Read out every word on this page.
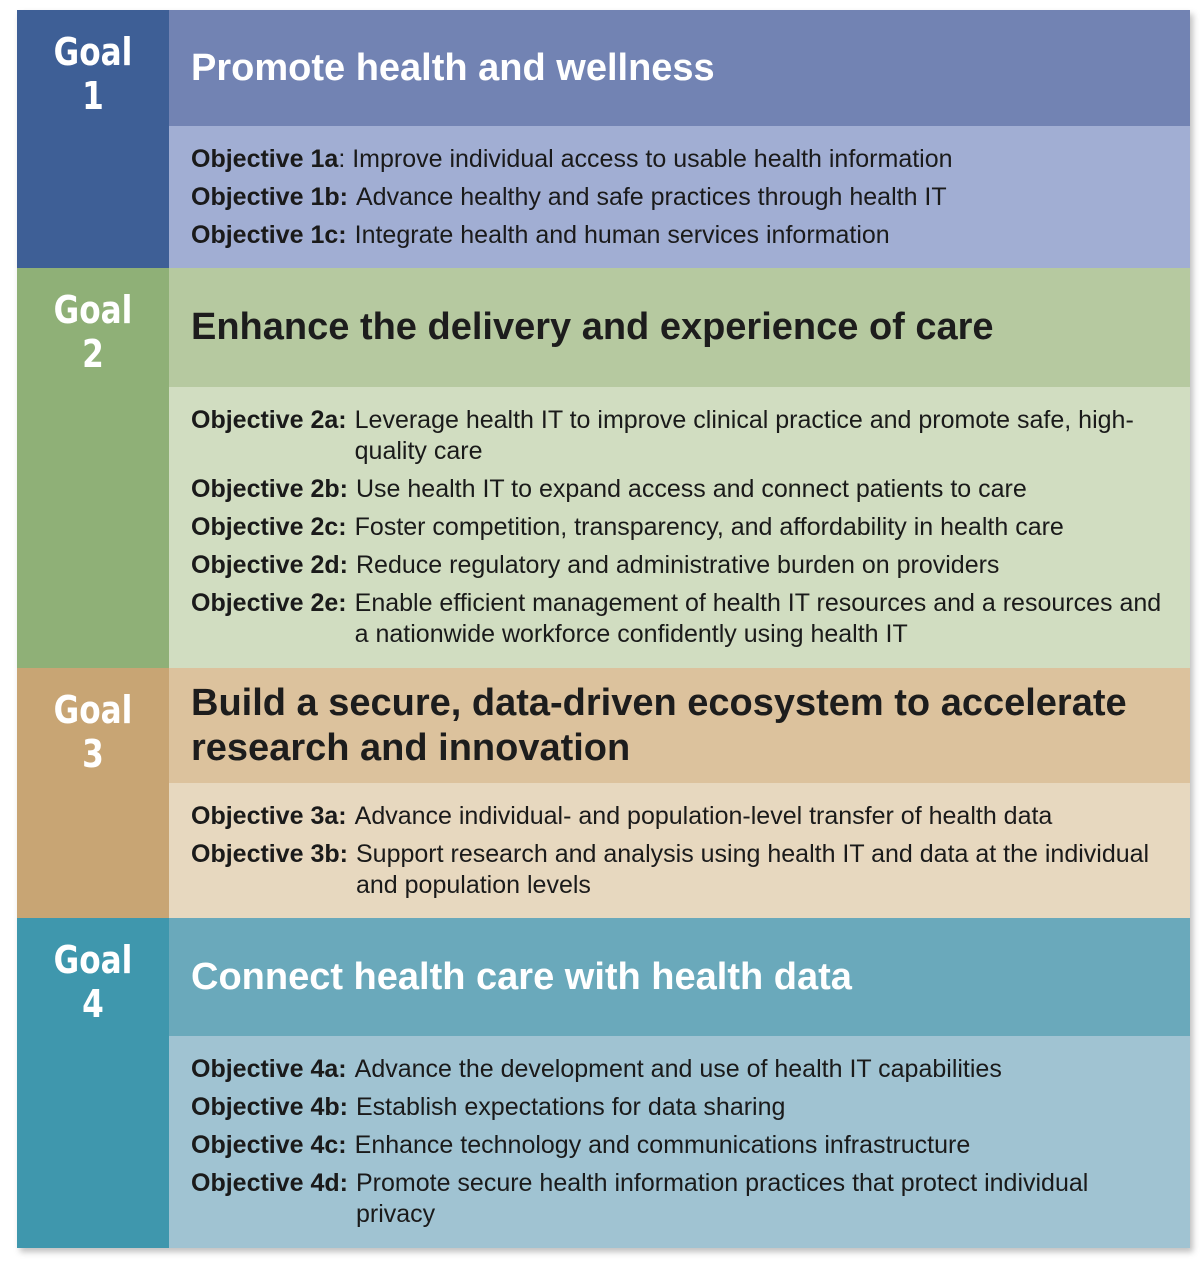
Goal
1
Promote health and wellness
Objective 1a : Improve individual access to usable health information
Objective 1b: Advance healthy and safe practices through health IT
Objective 1c: Integrate health and human services information
Goal
2
Enhance the delivery and experience of care
Objective 2a: Leverage health IT to improve clinical practice and promote safe, high-quality care
Objective 2b: Use health IT to expand access and connect patients to care
Objective 2c: Foster competition, transparency, and affordability in health care
Objective 2d: Reduce regulatory and administrative burden on providers
Objective 2e: Enable efficient management of health IT resources and a resources and a nationwide workforce confidently using health IT
Goal
3
Build a secure, data-driven ecosystem to accelerate research and innovation
Objective 3a: Advance individual- and population-level transfer of health data
Objective 3b: Support research and analysis using health IT and data at the individual and population levels
Goal
4
Connect health care with health data
Objective 4a: Advance the development and use of health IT capabilities
Objective 4b: Establish expectations for data sharing
Objective 4c: Enhance technology and communications infrastructure
Objective 4d: Promote secure health information practices that protect individual privacy
